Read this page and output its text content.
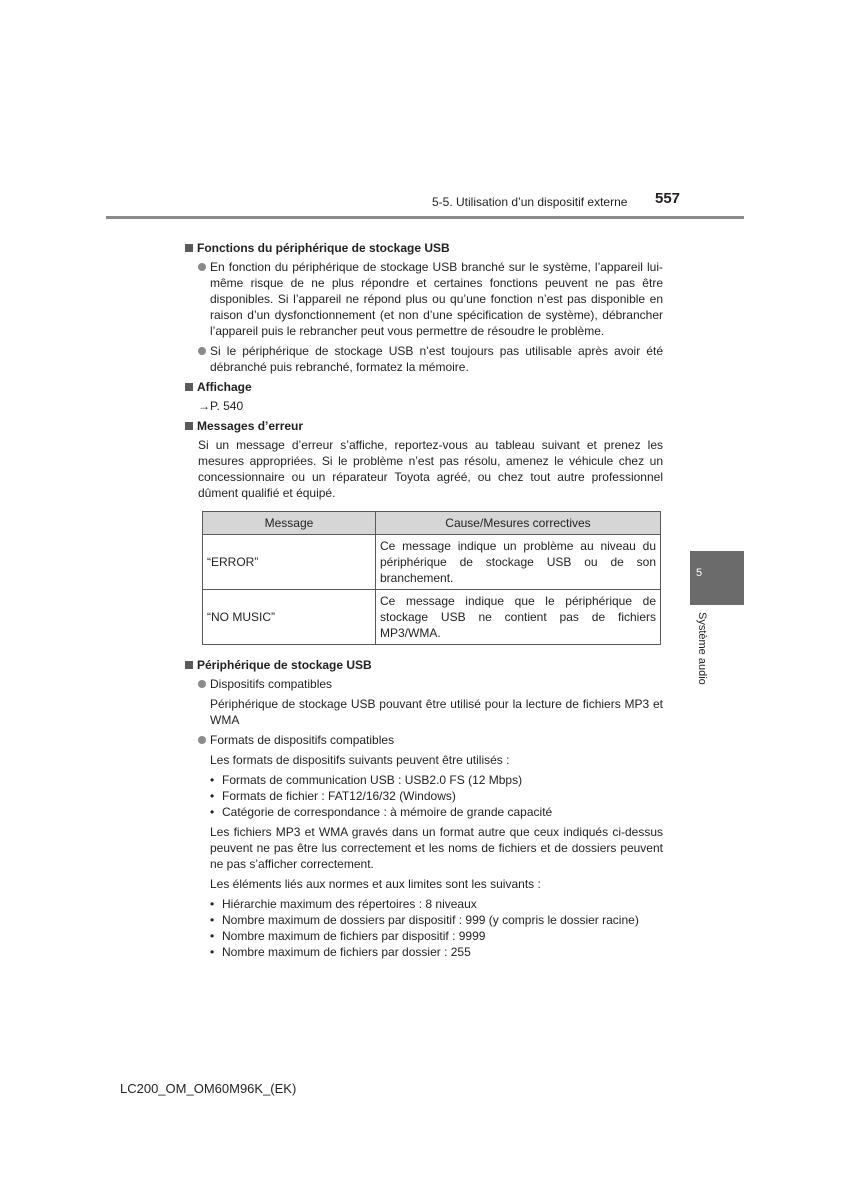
5-5. Utilisation d’un dispositif externe 557
5
Système audio
Fonctions du périphérique de stockage USB
En fonction du périphérique de stockage USB branché sur le système, l’appareil lui-même risque de ne plus répondre et certaines fonctions peuvent ne pas être disponibles. Si l’appareil ne répond plus ou qu’une fonction n’est pas disponible en raison d’un dysfonctionnement (et non d’une spécification de système), débrancher l’appareil puis le rebrancher peut vous permettre de résoudre le problème.
Si le périphérique de stockage USB n’est toujours pas utilisable après avoir été débranché puis rebranché, formatez la mémoire.
Affichage
→P. 540
Messages d’erreur
Si un message d’erreur s’affiche, reportez-vous au tableau suivant et prenez les mesures appropriées. Si le problème n’est pas résolu, amenez le véhicule chez un concessionnaire ou un réparateur Toyota agréé, ou chez tout autre professionnel dûment qualifié et équipé.
Message	Cause/Mesures correctives
“ERROR”	Ce message indique un problème au niveau du périphérique de stockage USB ou de son branchement.
“NO MUSIC”	Ce message indique que le périphérique de stockage USB ne contient pas de fichiers MP3/WMA.
Périphérique de stockage USB
Dispositifs compatibles
Périphérique de stockage USB pouvant être utilisé pour la lecture de fichiers MP3 et WMA
Formats de dispositifs compatibles
Les formats de dispositifs suivants peuvent être utilisés :
• Formats de communication USB : USB2.0 FS (12 Mbps)
• Formats de fichier : FAT12/16/32 (Windows)
• Catégorie de correspondance : à mémoire de grande capacité
Les fichiers MP3 et WMA gravés dans un format autre que ceux indiqués ci-dessus peuvent ne pas être lus correctement et les noms de fichiers et de dossiers peuvent ne pas s’afficher correctement.
Les éléments liés aux normes et aux limites sont les suivants :
• Hiérarchie maximum des répertoires : 8 niveaux
• Nombre maximum de dossiers par dispositif : 999 (y compris le dossier racine)
• Nombre maximum de fichiers par dispositif : 9999
• Nombre maximum de fichiers par dossier : 255
LC200_OM_OM60M96K_(EK)
